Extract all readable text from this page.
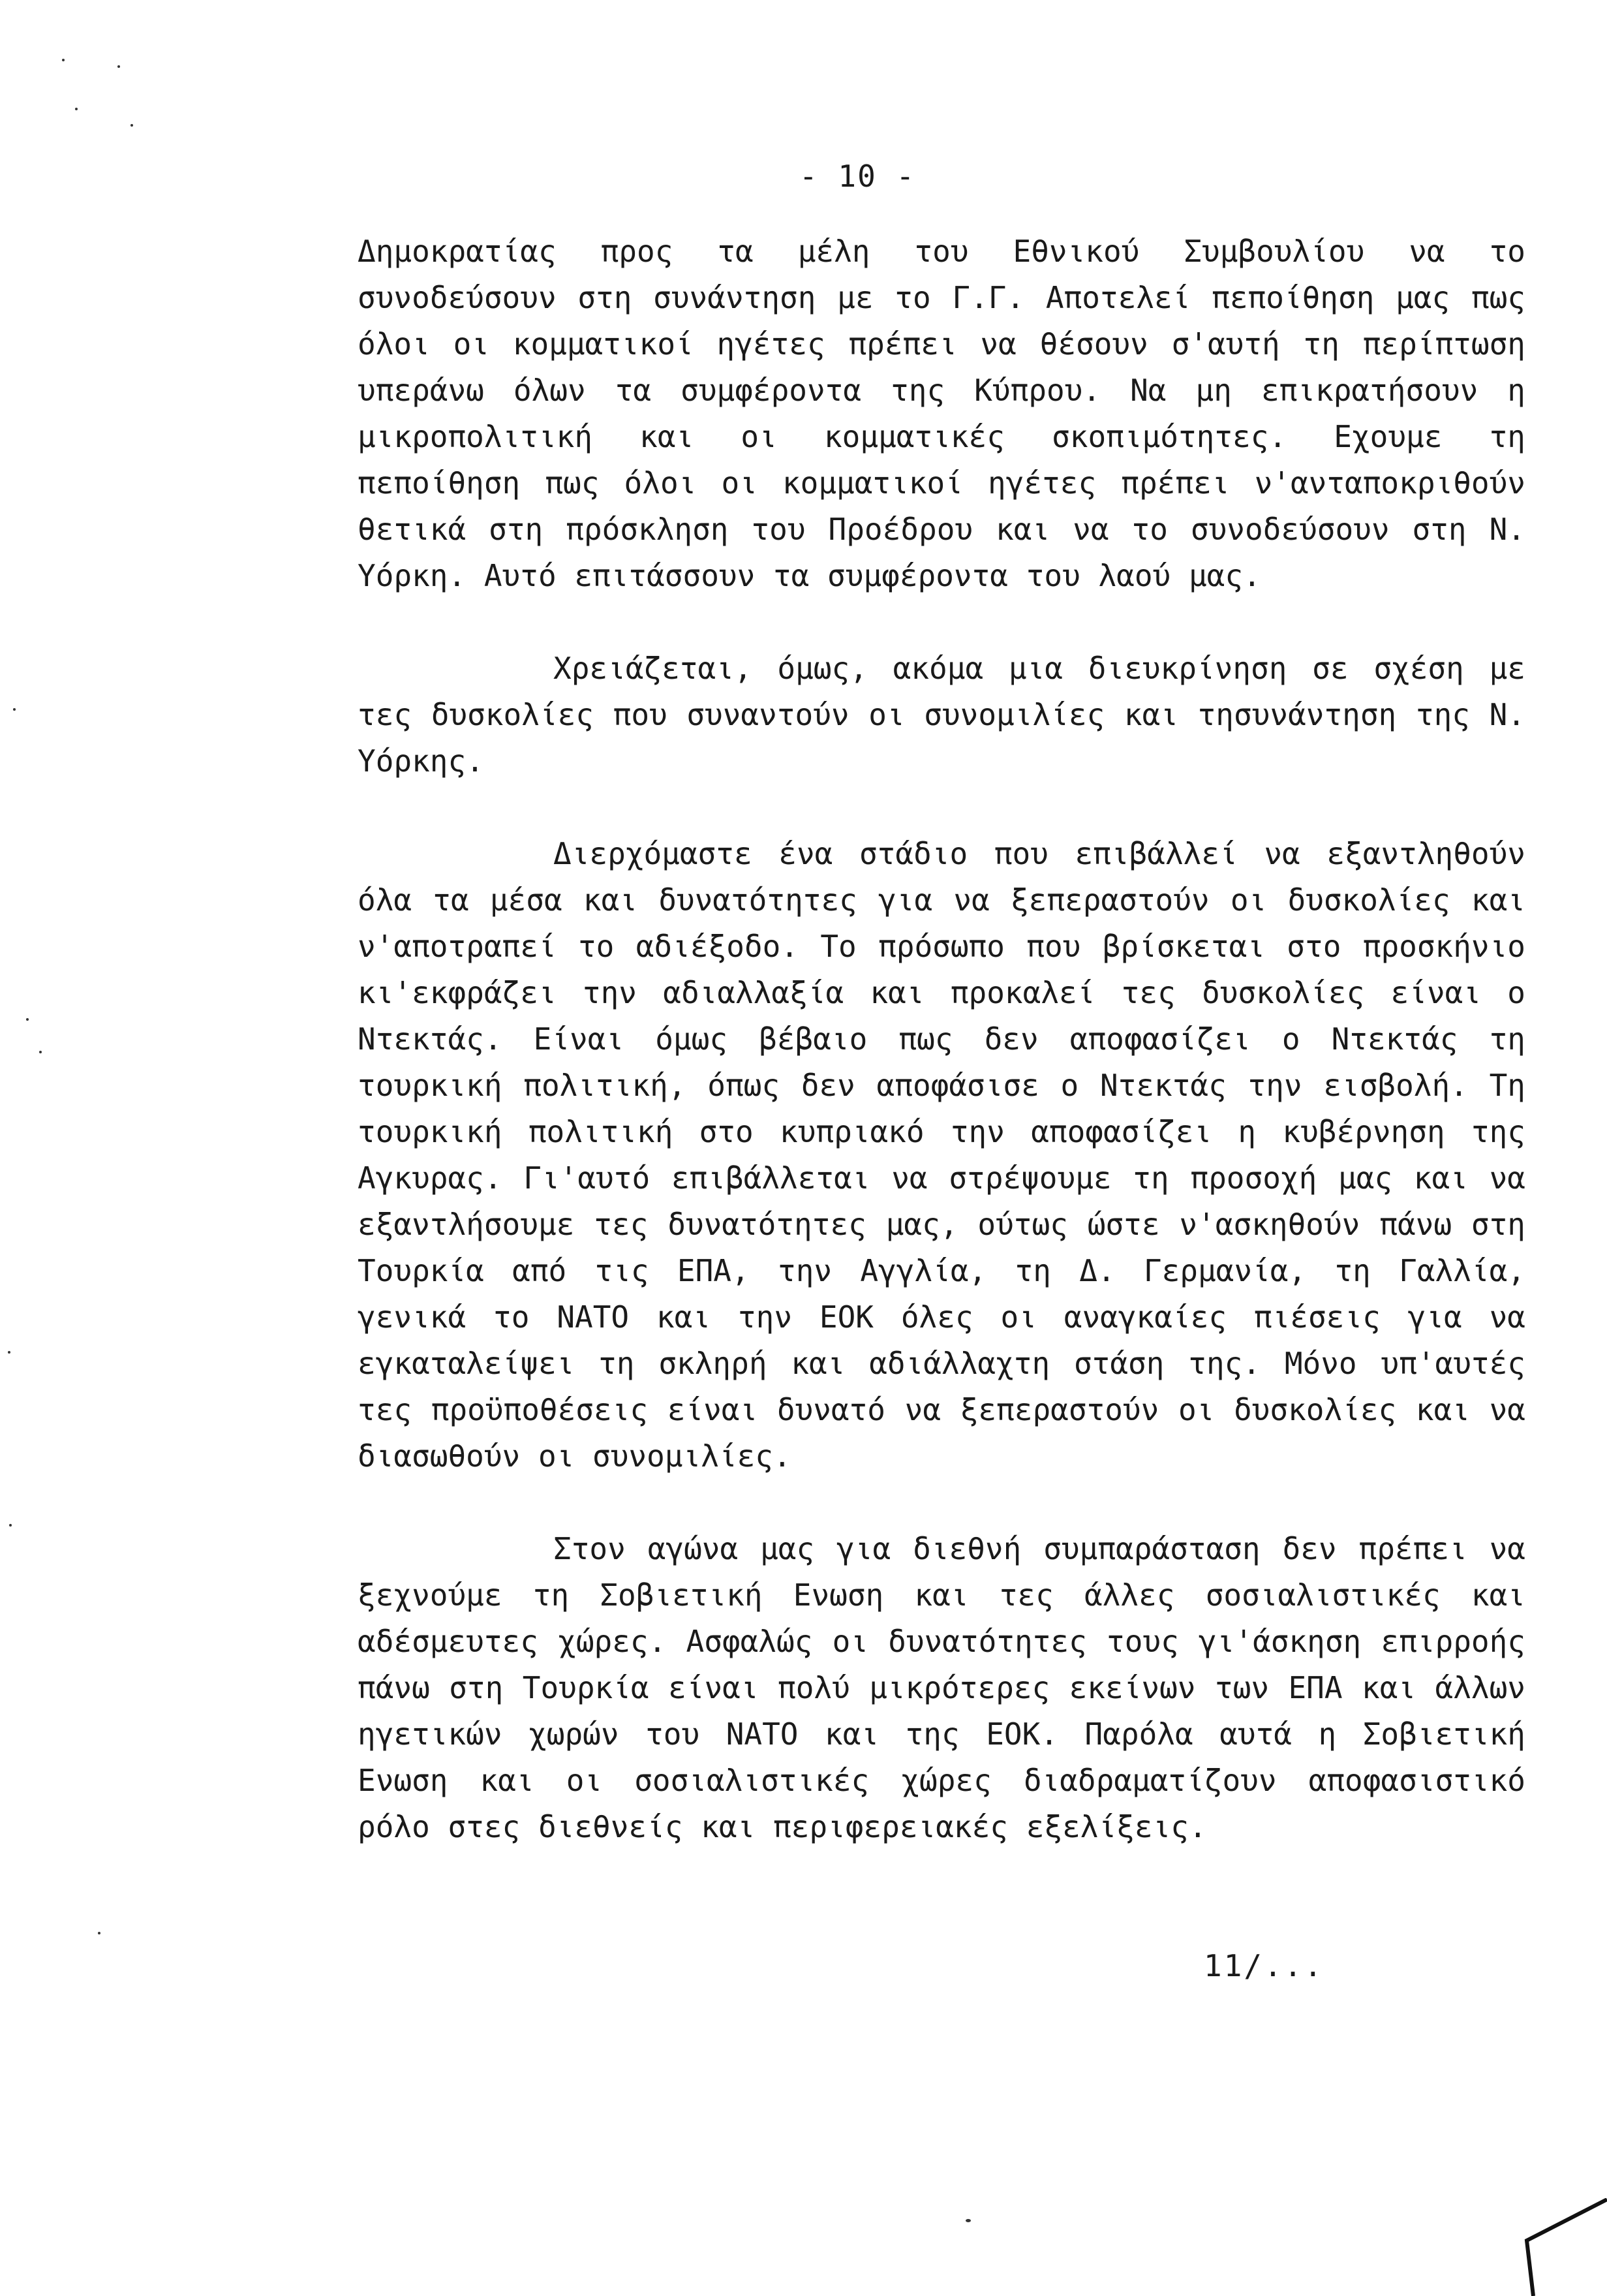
- 10 -

Δημοκρατίας προς τα μέλη του Εθνικού Συμβουλίου να το συνοδεύσουν στη συνάντηση με το Γ.Γ. Αποτελεί πεποίθηση μας πως όλοι οι κομματικοί ηγέτες πρέπει να θέσουν σ'αυτή τη περίπτωση υπεράνω όλων τα συμφέροντα της Κύπρου. Να μη επικρατήσουν η μικροπολιτική και οι κομματικές σκοπιμότητες. Εχουμε τη πεποίθηση πως όλοι οι κομματικοί ηγέτες πρέπει ν'ανταποκριθούν θετικά στη πρόσκληση του Προέδρου και να το συνοδεύσουν στη Ν. Υόρκη. Αυτό επιτάσσουν τα συμφέροντα του λαού μας.

Χρειάζεται, όμως, ακόμα μια διευκρίνηση σε σχέση με τες δυσκολίες που συναντούν οι συνομιλίες και τησυνάντηση της Ν. Υόρκης.

Διερχόμαστε ένα στάδιο που επιβάλλεί να εξαντληθούν όλα τα μέσα και δυνατότητες για να ξεπεραστούν οι δυσκολίες και ν'αποτραπεί το αδιέξοδο. Το πρόσωπο που βρίσκεται στο προσκήνιο κι'εκφράζει την αδιαλλαξία και προκαλεί τες δυσκολίες είναι ο Ντεκτάς. Είναι όμως βέβαιο πως δεν αποφασίζει ο Ντεκτάς τη τουρκική πολιτική, όπως δεν αποφάσισε ο Ντεκτάς την εισβολή. Τη τουρκική πολιτική στο κυπριακό την αποφασίζει η κυβέρνηση της Αγκυρας. Γι'αυτό επιβάλλεται να στρέψουμε τη προσοχή μας και να εξαντλήσουμε τες δυνατότητες μας, ούτως ώστε ν'ασκηθούν πάνω στη Τουρκία από τις ΕΠΑ, την Αγγλία, τη Δ. Γερμανία, τη Γαλλία, γενικά το ΝΑΤΟ και την ΕΟΚ όλες οι αναγκαίες πιέσεις για να εγκαταλείψει τη σκληρή και αδιάλλαχτη στάση της. Μόνο υπ'αυτές τες προϋποθέσεις είναι δυνατό να ξεπεραστούν οι δυσκολίες και να διασωθούν οι συνομιλίες.

Στον αγώνα μας για διεθνή συμπαράσταση δεν πρέπει να ξεχνούμε τη Σοβιετική Ενωση και τες άλλες σοσιαλιστικές και αδέσμευτες χώρες. Ασφαλώς οι δυνατότητες τους γι'άσκηση επιρροής πάνω στη Τουρκία είναι πολύ μικρότερες εκείνων των ΕΠΑ και άλλων ηγετικών χωρών του ΝΑΤΟ και της ΕΟΚ. Παρόλα αυτά η Σοβιετική Ενωση και οι σοσιαλιστικές χώρες διαδραματίζουν αποφασιστικό ρόλο στες διεθνείς και περιφερειακές εξελίξεις.

11/...
